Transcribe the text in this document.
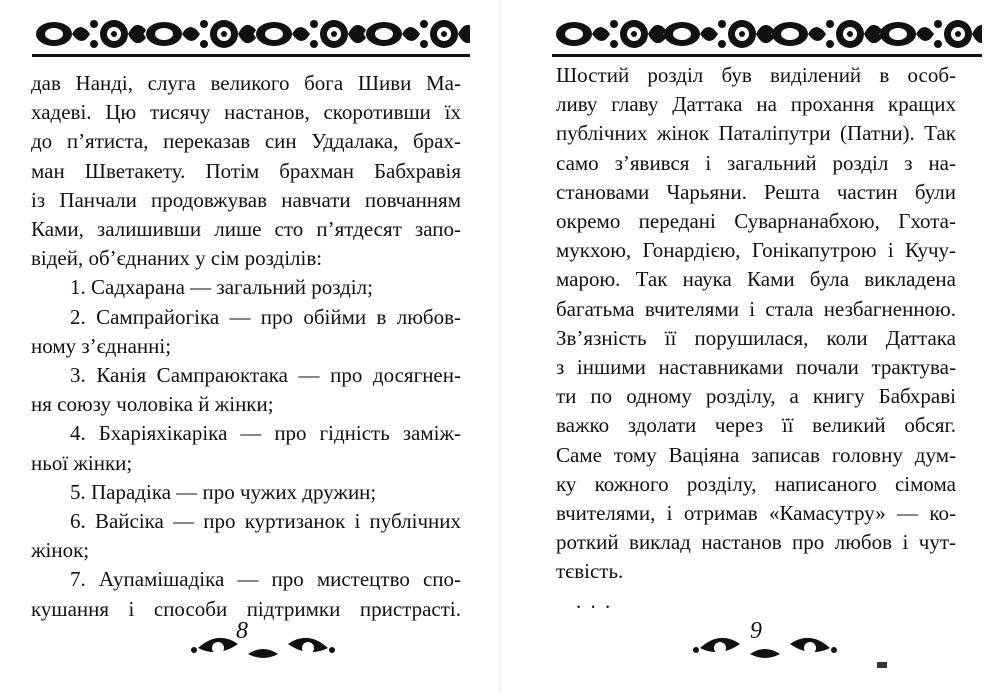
дав Нанді, слуга великого бога Шиви Ма-
хадеві. Цю тисячу настанов, скоротивши їх
до п’ятиста, переказав син Уддалака, брах-
ман Шветакету. Потім брахман Бабхравія
із Панчали продовжував навчати повчанням
Ками, залишивши лише сто п’ятдесят запо-
відей, об’єднаних у сім розділів:
1. Садхарана — загальний розділ;
2. Сампрайогіка — про обійми в любов-
ному з’єднанні;
3. Канія Сампраюктака — про досягнен-
ня союзу чоловіка й жінки;
4. Бхаріяхікаріка — про гідність заміж-
ньої жінки;
5. Парадіка — про чужих дружин;
6. Вайсіка — про куртизанок і публічних
жінок;
7. Аупамішадіка — про мистецтво спо-
кушання і способи підтримки пристрасті.
8
Шостий розділ був виділений в особ-
ливу главу Даттака на прохання кращих
публічних жінок Паталіпутри (Патни). Так
само з’явився і загальний розділ з на-
становами Чарьяни. Решта частин були
окремо передані Суварнанабхою, Гхота-
мукхою, Гонардією, Гонікапутрою і Кучу-
марою. Так наука Ками була викладена
багатьма вчителями і стала незбагненною.
Зв’язність її порушилася, коли Даттака
з іншими наставниками почали трактува-
ти по одному розділу, а книгу Бабхраві
важко здолати через її великий обсяг.
Саме тому Ваціяна записав головну дум-
ку кожного розділу, написаного сімома
вчителями, і отримав «Камасутру» — ко-
роткий виклад настанов про любов і чут-
тєвість.
. . .
9
